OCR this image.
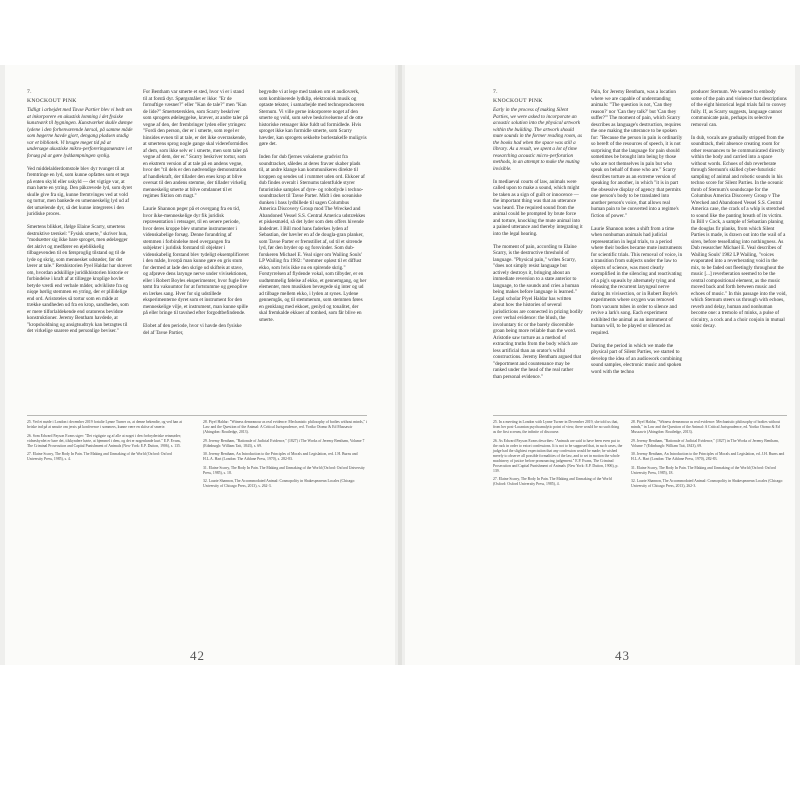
7.
KNOCKOUT PINK

Tidligt i arbejdet med Tavse Partier blev vi bedt om at inkorporere en akustisk lomning i det fysiske kunstværk til bygningen. Kunstværket skulle dæmpe lydene i den forhenværende lærsal, på samme måde som bøgerne havde gjort, dengang pladsen stadig var et bibliotek. Vi brugte meget tid på at undersøge akustiske mikro-perforeringsmønstre i et forsøg på at gøre lyddæmpningen synlig.

Ved middelalderdomstole blev dyr tvunget til at fremtringe en lyd, som kunne opfattes som et tegn på enten skyld eller uskyld — det vigtige var, at man hørte en ytring. Den påkrævede lyd, som dyret skulle give fra sig, kunne fremtvinges ved at vold og tortur, men bankede en umenneskelig lyd ud af det umælende dyr, så det kunne integreres i den juridiske proces.

Smertens blikket, ifølge Elaine Scarry, smertens destruktive tærskel: "Fysisk smerte," skriver hun, "modsætter sig ikke bare sproget, men ødelægger det aktivt og medfører en øjeblikkelig tilbagevenden til en førsproglig tilstand og til de lyde og skrig, som mennesket udstøder, før det lærer at tale." Retshistorien Pyel Haldar har skrevet om, hvordan adskillige juridikhistorien historie er forbindelse i kraft af at tillægge kroplige hovlet betyde værdi end verbale måder, udvikliste fra og niqqe børlig stemmen en ytring, der er plilidelige end ord. Aristoteles så tortur som en måde at trække sandheden ud fra en krop, sandheden, som er mere tilforlaldekende end oratorens bevidste konstruktioner. Jeremy Bentham havdede, at "kropsholdning og ansigtsudtryk kan betragtes til det virkelige snarere end personlige beviser."

For Bentham var smerte et sted, hvor vi er i stand til at forstå dyr. Spørgsmålet er ikke: "Er de fornuftige væsner?" eller "Kan de tale?" men "Kan de lide?" Smertetærsklen, som Scarry beskriver som sprogets ødelæggelse, kræver, at andre taler på vegne af den, der frembringer lyden eller ytringen: "Fordi den person, der er i smerte, som regel er hinsides evnen til at tale, er det ikke overraskende, at smertens sprog nogle gange skal videreformidles af dem, som ikke selv er i smerte, men som taler på vegne af dem, der er." Scarry beskriver tortur, som en ekstrem version af at tale på en andens vegne, hvor det "til dels er den nødvendige demonstration af handlekraft, der tillader den enes krop at blive oversat til den andens stemme, der tillader virkelig menneskelig smerte at blive omdannet til et regimes fiktion om magt."

Laurie Shannon peger på et overgang fra en tid, hvor ikke-menneskelige dyr fik juridisk repræsentation i retssager, til en senere periode, hvor deres kroppe blev stumme instrumenter i videnskabelige forsøg. Denne forandring af stemmen i forbindelse med overgangen fra subjekter i juridisk forstand til objekter i videnskabelig forstand blev tydeligt eksemplificeret i den måde, hvorpå man kunne gøre en gris stum for dermed at lade den skrige ud skifteis at stave, og afprøve dens larynge nerve under vivisektionen, eller i Robert Boyles eksperimenter, hvor fugle blev tømt fra vakuumtor for at fortstumme og genoplive en lærkes sang. Hver for sig udstillede eksperimenterne dyret som et instrument for den menneskelige vilje, et instrument, man kunne spille på eller bringe til tavshed efter forgodtbefindende.

Elobet af den periode, hvor vi havde den fysiske del af Tavse Partier,

begyndte vi at lege med tanken om et audioværk, som kombinerede lydklip, elektronisk musik og optaste tekster, i samarbejde med technoproduceren Sternum. Vi ville gerne inkorporere noget af den smerte og vold, som selve beskrivelserne af de otte historiske retssager ikke fuldt ud formidlede. Hvis sproget ikke kan formidle smerte, som Scarry hævder, kan sprogets sekkelte borlestakelfe muligvis gøre det.

Inden for dub fjernes vokalerne gradvist fra soundtracket, således at deres fravær skaber plads til, at andre klange kan kommunikeres direkte til kroppen og sendes ud i rummet uden ord. Ekkoer af dub findes overalt i Sternums talentfulde styrer futuristiske samples af dyre- og robotlyde i techno-soundtracket til Tavse Parter. Midt i den oceaniske dunken i bass lydbillede til sagen Columbus America Discovery Group mod The Wrecked and Abandoned Vessel S.S. Central America udstrækkes et piskesmæld, så det lyder som dets offers hivende åndedræt. I Bill mod hans faderkes lyden af Sebastian, der hævler en af de dougla-gran planker, som Tavse Parter er fremstillet af, ud til et sitrende lyd, før den bryder op og forsvinder. Som dub-forskeren Michael E. Veal siger om Wailing Souls' LP Wailing fra 1982: "stemmer opløst til et diffust ekko, som hvis ikke nu en spirende skrig." Forstyrrelsen af flydende vokal, som tilbyder, er en uudtømmelig følelse af ekko, et gennemgang, og her elementer, men musikken bevægede sig inter og ud ad tilbage mellem ekko, i lyden at synes. Lydene gennemgås, og til stemmerum, som stemmen føres en genklang med ekkoet, genlyd og tonalitet, der skal fremkalde ekkoer af tomhed, som får blive en smerte.

25. Ved et møde i London i december 2019 fortalte Lynne Turner os, at denne bekendte, og ved han at hviske ind på at smutte om jersis på konference i sommers, kunne være en skitse af smerte.
26. Som Edward Payson Evans siger: "Det vigtigste og af alle at noget i den forbryderiske retsmøder; vidnesbyrdet er bare det, tilskyndere hørte, at hjemmel i dem, og det er nogenlunde kurt." E.P. Evans, The Criminal Prosecution and Capital Punishment of Animals (New York: E.P. Dutton, 1906), s. 135.
27. Elaine Scarry, The Body In Pain. The Making and Unmaking of the World (Oxford: Oxford University Press, 1985), s. 4.
28. Piyel Haldar: "Witness demeanour as real evidence: Mechanistic philosophy of bodies without minds," i Law and the Question of the Animal: A Critical Jurisprudence, red. Yoriko Otomo & Ed Mussawir (Abingdon: Routledge, 2013).
29. Jeremy Bentham, "Rationale of Judicial Evidence," (1827) i The Works of Jeremy Bentham, Volume 7 (Edinburgh: William Tait, 1843), s. 69.
30. Jeremy Bentham, An Introduction to the Principles of Morals and Legislation, red. J.H. Burns and H.L.A. Hart (London: The Athlone Press, 1970), s. 282-83.
31. Elaine Scarry, The Body In Pain. The Making and Unmaking of the World (Oxford: Oxford University Press, 1985), s. 18.
32. Laurie Shannon, The Accommodated Animal: Cosmopolity in Shakespearean Locales (Chicago: University of Chicago Press, 2013), s. 262-3.
42
7.
KNOCKOUT PINK

Early in the process of making Silent Parties, we were asked to incorporate an acoustic solution into the physical artwork within the building. The artwork should mute sounds in the former reading room, as the books had when the space was still a library. As a result, we spent a lot of time researching acoustic micro-perforation methods, in an attempt to make the muting invisible.

In mediaeval courts of law, animals were called upon to make a sound, which might be taken as a sign of guilt or innocence — the important thing was that an utterance was heard. The required sound from the animal could be prompted by brute force and torture, knocking the mute animal into a pained utterance and thereby integrating it into the legal hearing.

The moment of pain, according to Elaine Scarry, is the destructive threshold of language. "Physical pain," writes Scarry, "does not simply resist language but actively destroys it, bringing about an immediate reversion to a state anterior to language, to the sounds and cries a human being makes before language is learned." Legal scholar Piyel Haldar has written about how the histories of several jurisdictions are connected in prizing bodily over verbal evidence: the blush, the involuntary tic or the barely discernible groan being more reliable than the word. Aristotle saw torture as a method of extracting truths from the body which are less artificial than an orator's wilful constructions. Jeremy Bentham argued that "deportment and countenance may be ranked under the head of the real rather than personal evidence."

Pain, for Jeremy Bentham, was a location where we are capable of understanding animals: "The question is not, 'Can they reason?' nor 'Can they talk?' but 'Can they suffer?'" The moment of pain, which Scarry describes as language's destruction, requires the one making the utterance to be spoken for: "Because the person in pain is ordinarily so bereft of the resources of speech, it is not surprising that the language for pain should sometimes be brought into being by those who are not themselves in pain but who speak on behalf of those who are." Scarry describes torture as an extreme version of speaking for another, in which "it is in part the obsessive display of agency that permits one person's body to be translated into another person's voice, that allows real human pain to be converted into a regime's fiction of power."

Laurie Shannon notes a shift from a time when nonhuman animals had judicial representation in legal trials, to a period where their bodies became mute instruments for scientific trials. This removal of voice, in a transition from subjects under the law to objects of science, was most clearly exemplified in the silencing and reactivating of a pig's squeals by alternately tying and releasing the recurrent laryngeal nerve during its vivisection, or in Robert Boyle's experiments where oxygen was removed from vacuum tubes in order to silence and revive a lark's song. Each experiment exhibited the animal as an instrument of human will, to be played or silenced as required.

During the period in which we made the physical part of Silent Parties, we started to develop the idea of an audiowork combining sound samples, electronic music and spoken word with the techno

producer Sternum. We wanted to embody some of the pain and violence that descriptions of the eight historical legal trials fail to convey fully. If, as Scarry suggests, language cannot communicate pain, perhaps its selective removal can.

In dub, vocals are gradually stripped from the soundtrack, their absence creating room for other resonances to be communicated directly within the body and carried into a space without words. Echoes of dub reverberate through Sternum's skilled cyber-futuristic sampling of animal and robotic sounds in his techno score for Silent Parties. In the oceanic throb of Sternum's soundscape for the Columbus America Discovery Group v The Wrecked and Abandoned Vessel S.S. Central America case, the crack of a whip is stretched to sound like the panting breath of its victim. In Bill v Cock, a sample of Sebastian planing the douglas fir planks, from which Silent Parties is made, is drawn out into the wail of a siren, before tessellating into nothingness. As Dub researcher Michael E. Veal describes of Wailing Souls' 1982 LP Wailing, "voices evaporated into a reverberating void in the mix, to be faded out fleetingly throughout the music [...] reverberation seemed to be the central compositional element, as the music moved back and forth between music and echoes of music." In this passage into the void, which Sternum steers us through with echoes, reverb and delay, human and nonhuman become one: a tremolo of minks, a pulse of circuitry, a cock and a choir conjoin in mutual sonic decay.

25. In a meeting in London with Lynne Turner in December 2019, she told us that, from her post-Lacanian psychoanalytic point of view, there would be no such thing as the first scream, the infinite of discourse.
26. As Edward Payson Evans describes: "Animals are said to have been even put to the rack in order to extort confessions. It is not to be supposed that, in such cases, the judge had the slightest expectation that any confession would be made; he wished merely to observe all possible formalities of the law, and to set in motion the whole machinery of justice before pronouncing judgement." E.P. Evans, The Criminal Prosecution and Capital Punishment of Animals (New York: E.P. Dutton, 1906), p. 139.
27. Elaine Scarry, The Body In Pain. The Making and Unmaking of the World (Oxford: Oxford University Press, 1985), 4.
28. Piyel Haldar, "Witness demeanour as real evidence: Mechanistic philosophy of bodies without minds," in Law and the Question of the Animal: A Critical Jurisprudence, ed. Yoriko Otomo & Ed Mussawir (Abingdon: Routledge, 2013).
29. Jeremy Bentham, "Rationale of Judicial Evidence," (1827) in The Works of Jeremy Bentham, Volume 7 (Edinburgh: William Tait, 1843), 69.
30. Jeremy Bentham, An Introduction to the Principles of Morals and Legislation, ed. J.H. Burns and H.L.A. Hart (London: The Athlone Press, 1970), 282-83.
31. Elaine Scarry, The Body In Pain. The Making and Unmaking of the World (Oxford: Oxford University Press, 1985), 18.
32. Laurie Shannon, The Accommodated Animal: Cosmopolity in Shakespearean Locales (Chicago: University of Chicago Press, 2013), 262-3.
43
